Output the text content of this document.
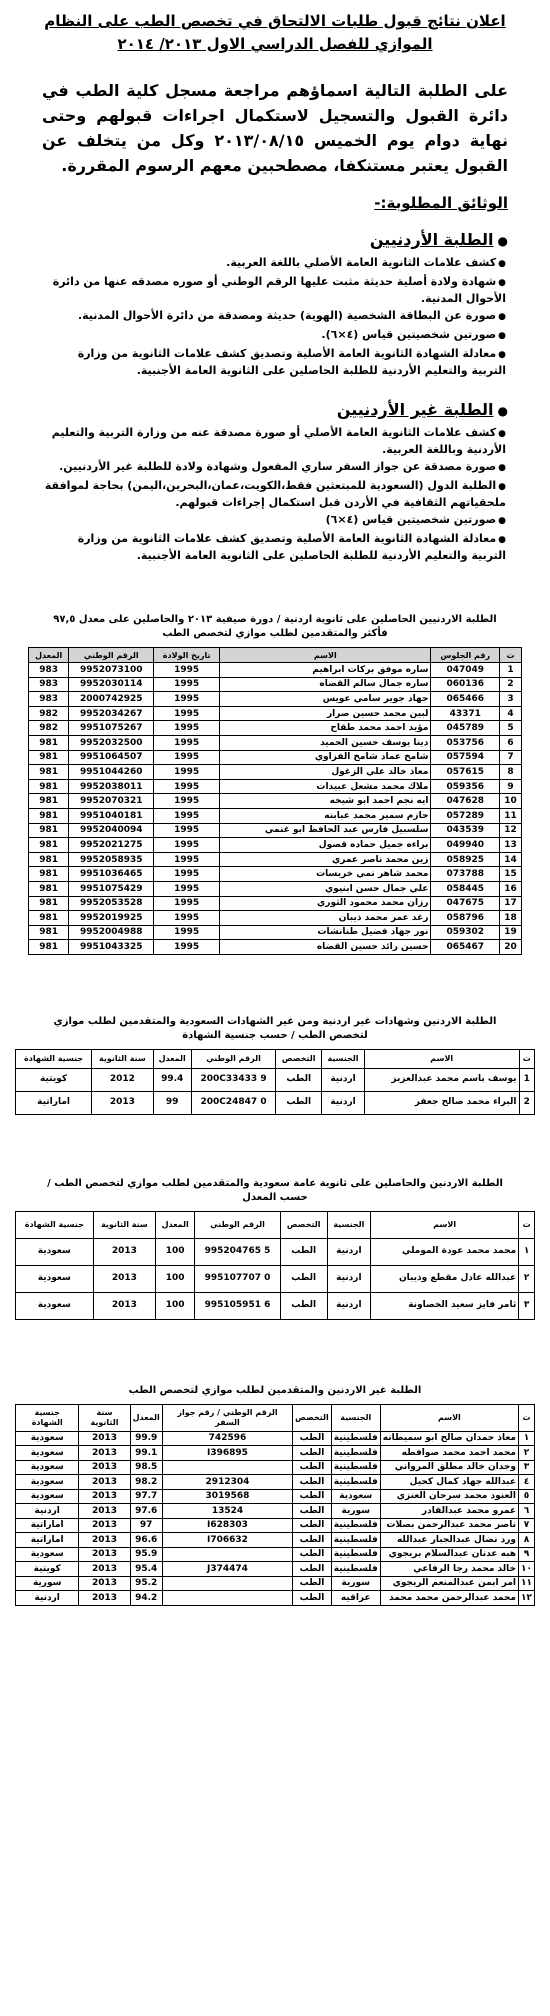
اعلان نتائج قبول طلبات الالتحاق في تخصص الطب على النظام
الموازي للفصل الدراسي الاول ٢٠١٣/ ٢٠١٤
على الطلبة التالية اسماؤهم مراجعة مسجل كلية الطب في دائرة القبول والتسجيل لاستكمال اجراءات قبولهم وحتى نهاية دوام يوم الخميس ٢٠١٣/٠٨/١٥ وكل من يتخلف عن القبول يعتبر مستنكفا، مصطحبين معهم الرسوم المقررة.
الوثائق المطلوبة:-
●الطلبة الأردنيين
●كشف علامات الثانوية العامة الأصلي باللغة العربية.
●شهادة ولادة أصلية حديثة مثبت عليها الرقم الوطني أو صوره مصدقه عنها من دائرة الأحوال المدنية.
●صورة عن البطاقة الشخصية (الهوية) حديثة ومصدقة من دائرة الأحوال المدنية.
●صورتين شخصيتين قياس (٤×٦).
●معادلة الشهادة الثانوية العامة الأصلية وتصديق كشف علامات الثانوية من وزارة التربية والتعليم الأردنية للطلبة الحاصلين على الثانوية العامة الأجنبية.
●الطلبة غير الأردنيين
●كشف علامات الثانوية العامة الأصلي أو صورة مصدقة عنه من وزارة التربية والتعليم الأردنية وباللغة العربية.
●صورة مصدقة عن جواز السفر ساري المفعول وشهادة ولادة للطلبة غير الأردنيين.
●الطلبة الدول (السعودية للمبتعثين فقط،الكويت،عمان،البحرين،اليمن) بحاجة لموافقة ملحقياتهم الثقافية في الأردن قبل استكمال إجراءات قبولهم.
●صورتين شخصيتين قياس (٤×٦)
●معادلة الشهادة الثانوية العامة الأصلية وتصديق كشف علامات الثانوية من وزارة التربية والتعليم الأردنية للطلبة الحاصلين على الثانوية العامة الأجنبية.
الطلبة الاردنيين الحاصلين على ثانوية اردنية / دورة صيفية ٢٠١٣ والحاصلين على معدل ٩٧,٥ فأكثر والمتقدمين لطلب موازي لتخصص الطب
ت	رقم الجلوس	الاسم	تاريخ الولادة	الرقم الوطني	المعدل
1	047049	ساره موفق بركات ابراهيم	1995	9952073100	983
2	060136	ساره جمال سالم القضاه	1995	9952030114	983
3	065466	جهاد جوير سامي عويس	1995	2000742925	983
4	43371	لبين محمد حسين صرار	1995	9952034267	982
5	045789	مؤيد احمد محمد طقاح	1995	9951075267	982
6	053756	دينا يوسف حسين الحميد	1995	9952032500	981
7	057594	شامخ عماد شامخ الفزاوي	1995	9951064507	981
8	057615	معاذ خالد علي الزغول	1995	9951044260	981
9	059356	ملاك محمد مشعل عبيدات	1995	9952038011	981
10	047628	ايه نجم احمد ابو شيخه	1995	9952070321	981
11	057289	حازم سمير محمد عبابنه	1995	9951040181	981
12	043539	سلسبيل فارس عبد الحافظ ابو غنمي	1995	9952040094	981
13	049940	براءه جميل حماده قصول	1995	9952021275	981
14	058925	زين محمد ناصر عمري	1995	9952058935	981
15	073788	محمد شاهر نمي خريسات	1995	9951036465	981
16	058445	علي جمال حسن ابنيوي	1995	9951075429	981
17	047675	رزان محمد محمود الثوري	1995	9952053528	981
18	058796	رغد عمر محمد ذيبان	1995	9952019925	981
19	059302	نور جهاد فضيل طنانشات	1995	9952004988	981
20	065467	حسين رائد حسين القضاه	1995	9951043325	981
الطلبة الاردنين وشهادات غير اردنية ومن غير الشهادات السعودية والمتقدمين لطلب موازي لتخصص الطب / حسب جنسية الشهادة
ت	الاسم	الجنسية	التخصص	الرقم الوطني	المعدل	سنة الثانوية	جنسية الشهادة
1	يوسف باسم محمد عبدالعزيز	اردنية	الطب	200C33433 9	99.4	2012	كويتية
2	البراء محمد صالح جعفر	اردنية	الطب	200C24847 0	99	2013	اماراتية
الطلبة الاردنين والحاصلين على ثانوية عامة سعودية والمتقدمين لطلب موازي لتخصص الطب / حسب المعدل
ت	الاسم	الجنسية	التخصص	الرقم الوطني	المعدل	سنة الثانوية	جنسية الشهادة
١	محمد محمد عودة الموملي	اردنية	الطب	995204765 5	100	2013	سعودية
٢	عبدالله عادل مقطع وذيبان	اردنية	الطب	995107707 0	100	2013	سعودية
٣	ثامر فايز سعيد الخصاونة	اردنية	الطب	995105951 6	100	2013	سعودية
الطلبة غير الاردنين والمتقدمين لطلب موازي لتخصص الطب
ت	الاسم	الجنسية	التخصص	الرقم الوطني / رقم جواز السفر	المعدل	سنة الثانوية	جنسية الشهادة
١	معاذ حمدان صالح ابو سميطانه	فلسطينية	الطب	742596	99.9	2013	سعودية
٢	محمد احمد محمد صوافطه	فلسطينية	الطب	I396895	99.1	2013	سعودية
٣	وجدان خالد مطلق المرواني	فلسطينية	الطب		98.5	2013	سعودية
٤	عبدالله جهاد كمال كحيل	فلسطينية	الطب	2912304	98.2	2013	سعودية
٥	العنود محمد سرحان العنزي	سعودية	الطب	3019568	97.7	2013	سعودية
٦	عمرو محمد عبدالقادر	سورية	الطب	13524	97.6	2013	اردنية
٧	ناصر محمد عبدالرحمن بصلات	فلسطينية	الطب	I628303	97	2013	اماراتية
٨	ورد نضال عبدالجبار عبدالله	فلسطينية	الطب	I706632	96.6	2013	اماراتية
٩	هبه عدنان عبدالسلام بريجوي	فلسطينية	الطب		95.9	2013	سعودية
١٠	خالد محمد رجا الرفاعي	فلسطينية	الطب	J374474	95.4	2013	كويتية
١١	امر ابمن عبدالمنعم الريجوي	سورية	الطب		95.2	2013	سورية
١٢	محمد عبدالرحمن محمد محمد	عراقيه	الطب		94.2	2013	اردنية
